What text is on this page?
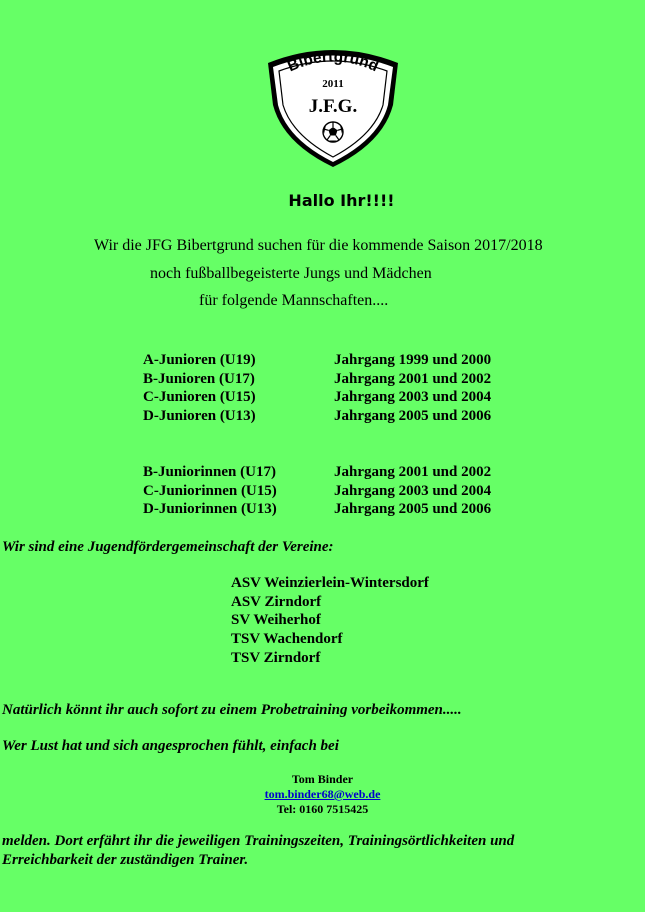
Bibertgrund
2011
J.F.G.
Hallo Ihr!!!!
Wir die JFG Bibertgrund suchen für die kommende Saison 2017/2018
noch fußballbegeisterte Jungs und Mädchen
für folgende Mannschaften....
A-Junioren (U19)	Jahrgang 1999 und 2000
B-Junioren (U17)	Jahrgang 2001 und 2002
C-Junioren (U15)	Jahrgang 2003 und 2004
D-Junioren (U13)	Jahrgang 2005 und 2006
B-Juniorinnen (U17)	Jahrgang 2001 und 2002
C-Juniorinnen (U15)	Jahrgang 2003 und 2004
D-Juniorinnen (U13)	Jahrgang 2005 und 2006
Wir sind eine Jugendfördergemeinschaft der Vereine:
ASV Weinzierlein-Wintersdorf
ASV Zirndorf
SV Weiherhof
TSV Wachendorf
TSV Zirndorf
Natürlich könnt ihr auch sofort zu einem Probetraining vorbeikommen.....
Wer Lust hat und sich angesprochen fühlt, einfach bei
Tom Binder
tom.binder68@web.de
Tel: 0160 7515425
melden. Dort erfährt ihr die jeweiligen Trainingszeiten, Trainingsörtlichkeiten und
Erreichbarkeit der zuständigen Trainer.
